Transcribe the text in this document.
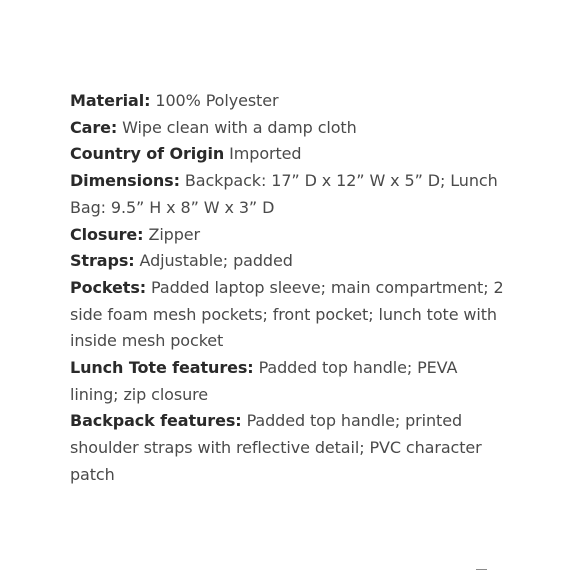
Material: 100% Polyester

Care: Wipe clean with a damp cloth

Country of Origin Imported

Dimensions: Backpack: 17” D x 12” W x 5” D; Lunch Bag: 9.5” H x 8” W x 3” D

Closure: Zipper

Straps: Adjustable; padded

Pockets: Padded laptop sleeve; main compartment; 2 side foam mesh pockets; front pocket; lunch tote with inside mesh pocket

Lunch Tote features: Padded top handle; PEVA lining; zip closure

Backpack features: Padded top handle; printed shoulder straps with reflective detail; PVC character patch
